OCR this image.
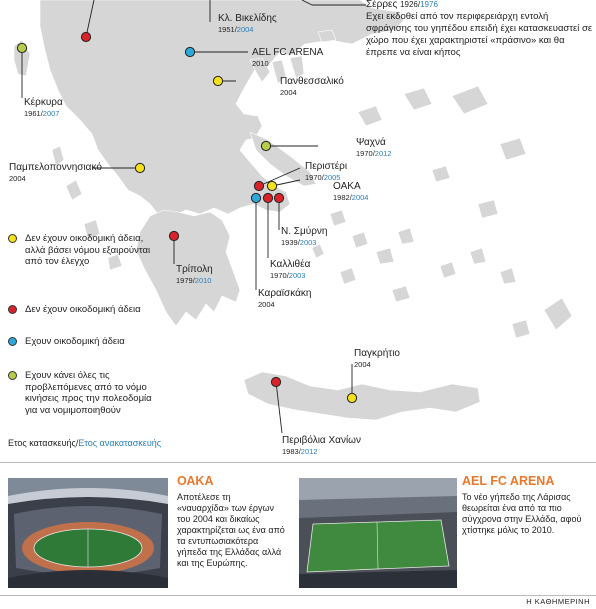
Κλ. Βικελίδης
1951/2004
AEL FC ARENA
2010
Πανθεσσαλικό
2004
Κέρκυρα
1961/2007
Παμπελοποννησιακό
2004
Ψαχνά
1970/2012
Περιστέρι
1970/2005
ΟΑΚΑ
1982/2004
Ν. Σμύρνη
1939/2003
Καλλιθέα
1970/2003
Καραϊσκάκη
2004
Τρίπολη
1979/2010
Παγκρήτιο
2004
Περιβόλια Χανίων
1983/2012
Σέρρες 1926/1976
Εχει εκδοθεί από τον περιφερειάρχη εντολή σφράγισης του γηπέδου επειδή έχει κατασκευαστεί σε χώρο που έχει χαρακτηριστεί «πράσινο» και θα έπρεπε να είναι κήπος
Δεν έχουν οικοδομική άδεια, αλλά βάσει νόμου εξαιρούνται από τον έλεγχο
Δεν έχουν οικοδομική άδεια
Εχουν οικοδομική άδεια
Εχουν κάνει όλες τις προβλεπόμενες από το νόμο κινήσεις προς την πολεοδομία για να νομιμοποιηθούν
Ετος κατασκευής/Ετος ανακατασκευής
ΟΑΚΑ
Αποτέλεσε τη «ναυαρχίδα» των έργων του 2004 και δικαίως χαρακτηρίζεται ως ένα από τα εντυπωσιακότερα γήπεδα της Ελλάδας αλλά και της Ευρώπης.
AEL FC ARENA
Το νέο γήπεδο της Λάρισας θεωρείται ένα από τα πιο σύγχρονα στην Ελλάδα, αφού χτίστηκε μόλις το 2010.
Η ΚΑΘΗΜΕΡΙΝΗ
